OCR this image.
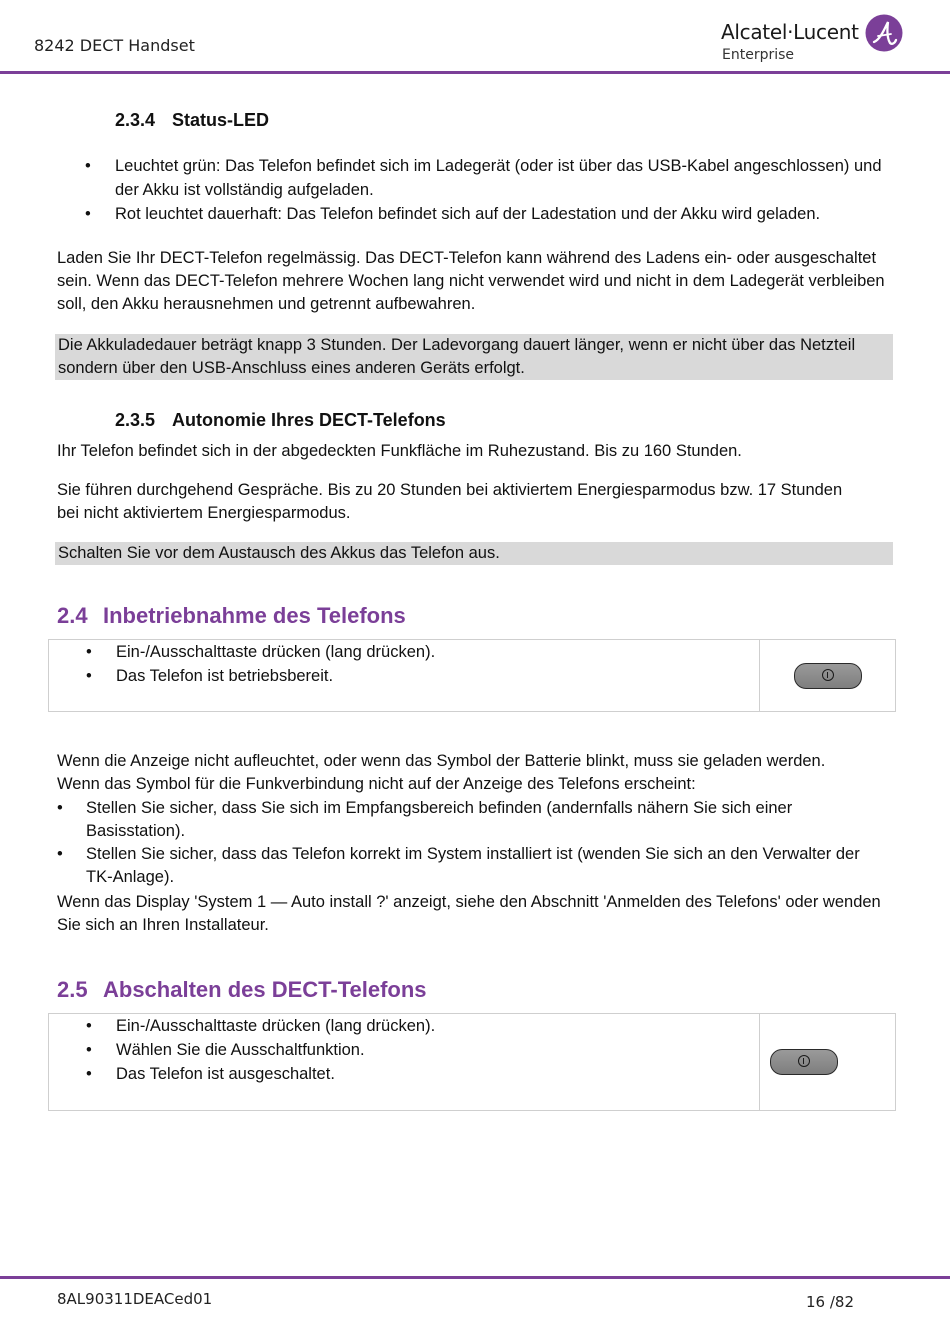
8242 DECT Handset
Alcatel·Lucent
Enterprise
2.3.4 Status-LED
• Leuchtet grün: Das Telefon befindet sich im Ladegerät (oder ist über das USB-Kabel angeschlossen) und der Akku ist vollständig aufgeladen.
• Rot leuchtet dauerhaft: Das Telefon befindet sich auf der Ladestation und der Akku wird geladen.
Laden Sie Ihr DECT-Telefon regelmässig. Das DECT-Telefon kann während des Ladens ein- oder ausgeschaltet sein. Wenn das DECT-Telefon mehrere Wochen lang nicht verwendet wird und nicht in dem Ladegerät verbleiben soll, den Akku herausnehmen und getrennt aufbewahren.
Die Akkuladedauer beträgt knapp 3 Stunden. Der Ladevorgang dauert länger, wenn er nicht über das Netzteil sondern über den USB-Anschluss eines anderen Geräts erfolgt.
2.3.5 Autonomie Ihres DECT-Telefons
Ihr Telefon befindet sich in der abgedeckten Funkfläche im Ruhezustand. Bis zu 160 Stunden.
Sie führen durchgehend Gespräche. Bis zu 20 Stunden bei aktiviertem Energiesparmodus bzw. 17 Stunden bei nicht aktiviertem Energiesparmodus.
Schalten Sie vor dem Austausch des Akkus das Telefon aus.
2.4 Inbetriebnahme des Telefons
• Ein-/Ausschalttaste drücken (lang drücken).
• Das Telefon ist betriebsbereit.
Wenn die Anzeige nicht aufleuchtet, oder wenn das Symbol der Batterie blinkt, muss sie geladen werden.
Wenn das Symbol für die Funkverbindung nicht auf der Anzeige des Telefons erscheint:
• Stellen Sie sicher, dass Sie sich im Empfangsbereich befinden (andernfalls nähern Sie sich einer Basisstation).
• Stellen Sie sicher, dass das Telefon korrekt im System installiert ist (wenden Sie sich an den Verwalter der TK-Anlage).
Wenn das Display 'System 1 — Auto install ?' anzeigt, siehe den Abschnitt 'Anmelden des Telefons' oder wenden Sie sich an Ihren Installateur.
2.5 Abschalten des DECT-Telefons
• Ein-/Ausschalttaste drücken (lang drücken).
• Wählen Sie die Ausschaltfunktion.
• Das Telefon ist ausgeschaltet.
8AL90311DEACed01	16 /82
